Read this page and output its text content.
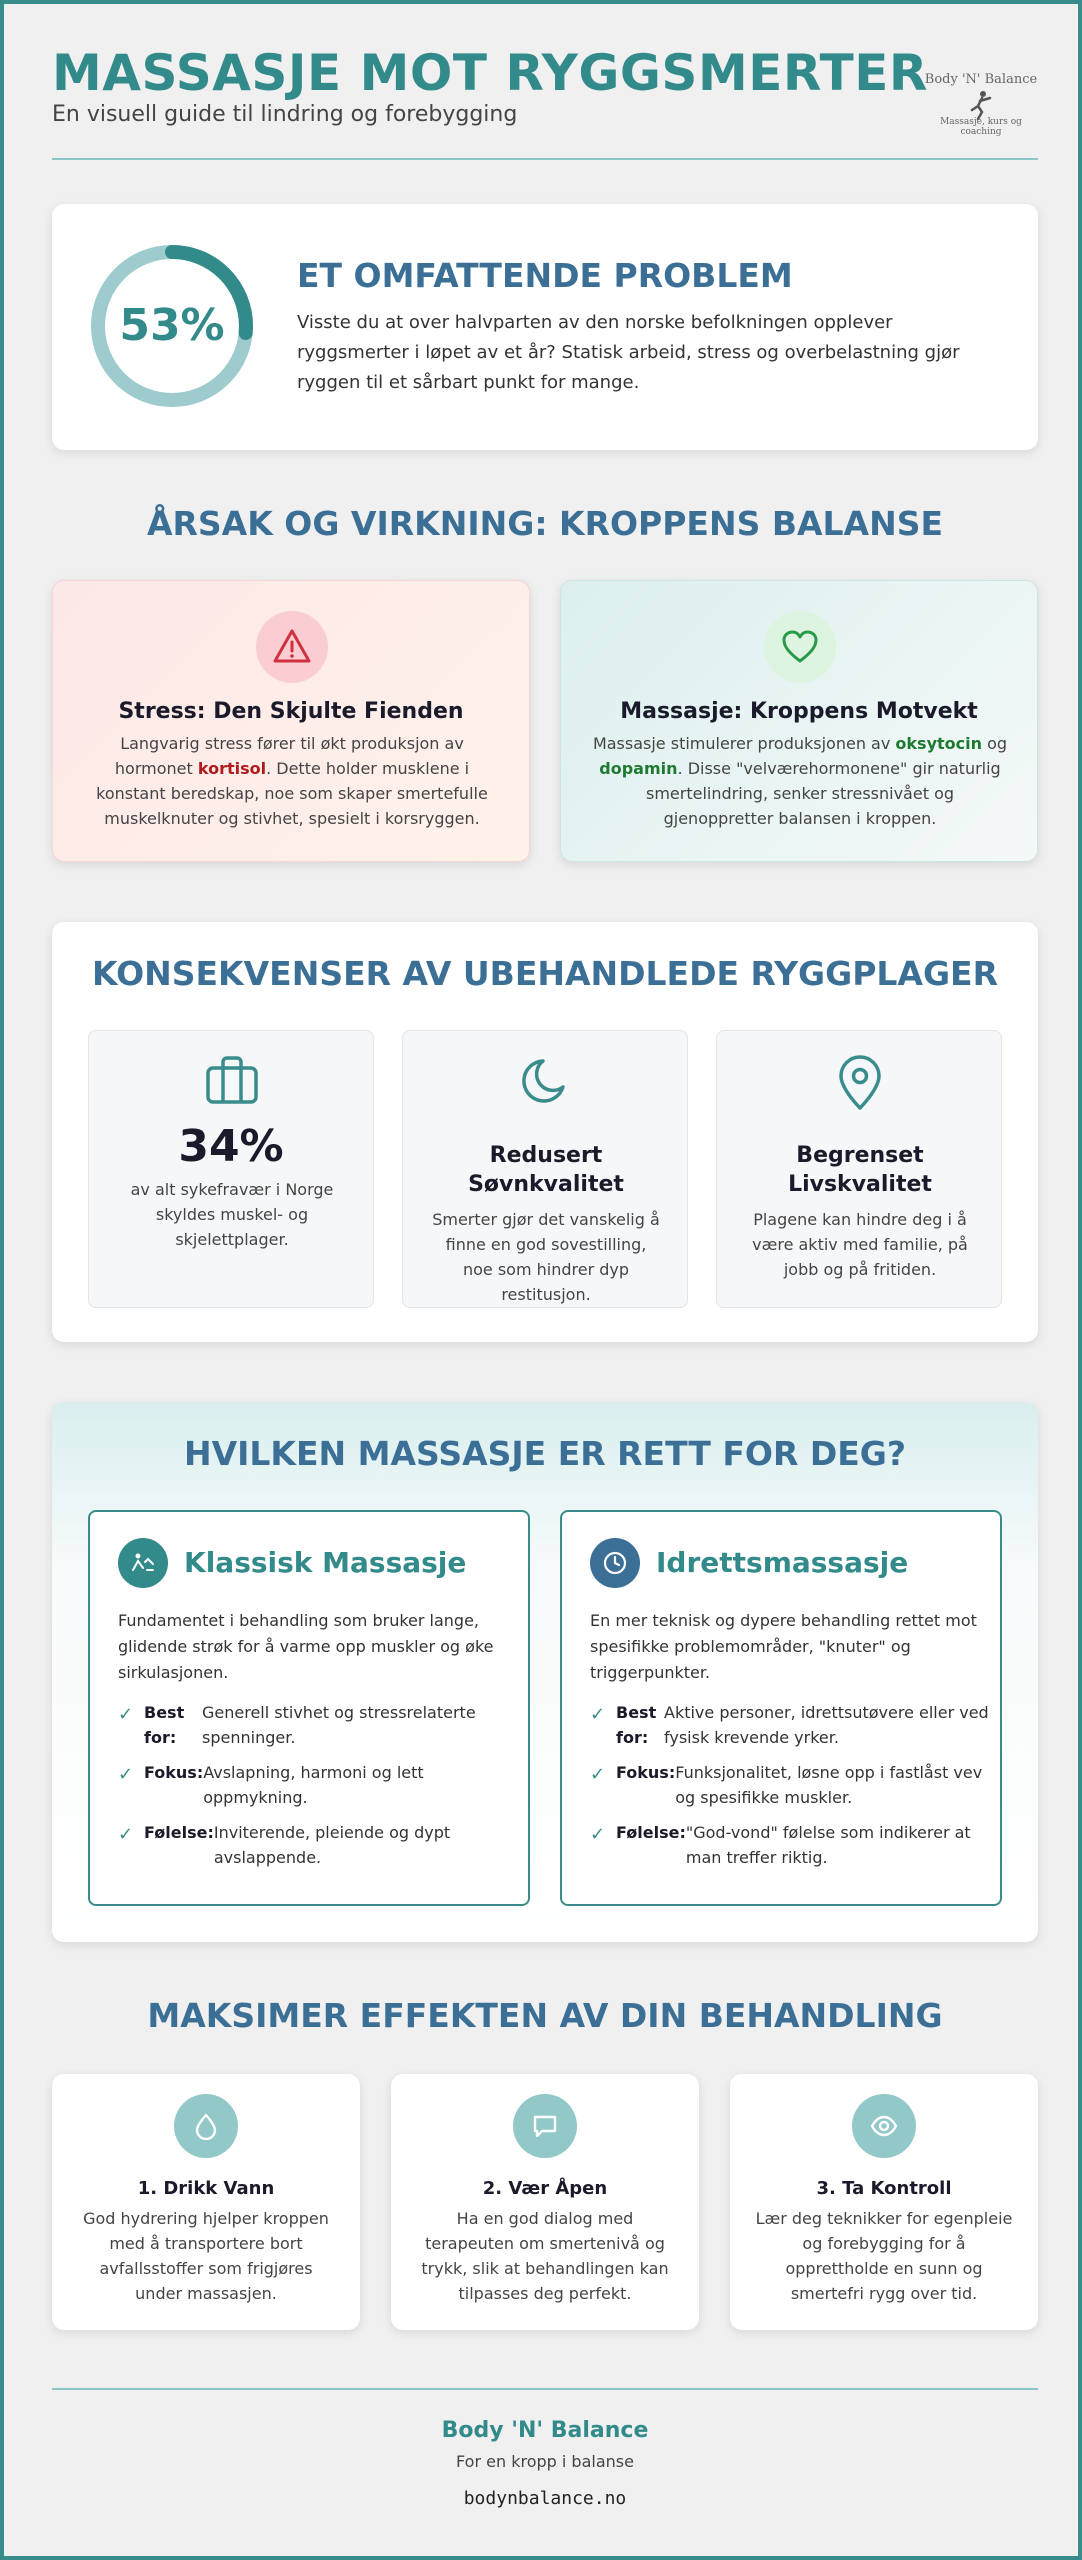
MASSASJE MOT RYGGSMERTER
En visuell guide til lindring og forebygging
Body 'N' Balance
Massasje, kurs og coaching
53%
ET OMFATTENDE PROBLEM
Visste du at over halvparten av den norske befolkningen opplever ryggsmerter i løpet av et år? Statisk arbeid, stress og overbelastning gjør ryggen til et sårbart punkt for mange.
ÅRSAK OG VIRKNING: KROPPENS BALANSE
Stress: Den Skjulte Fienden
Langvarig stress fører til økt produksjon av hormonet kortisol. Dette holder musklene i konstant beredskap, noe som skaper smertefulle muskelknuter og stivhet, spesielt i korsryggen.
Massasje: Kroppens Motvekt
Massasje stimulerer produksjonen av oksytocin og dopamin. Disse "velværehormonene" gir naturlig smertelindring, senker stressnivået og gjenoppretter balansen i kroppen.
KONSEKVENSER AV UBEHANDLEDE RYGGPLAGER
34%
av alt sykefravær i Norge skyldes muskel- og skjelettplager.
Redusert Søvnkvalitet
Smerter gjør det vanskelig å finne en god sovestilling, noe som hindrer dyp restitusjon.
Begrenset Livskvalitet
Plagene kan hindre deg i å være aktiv med familie, på jobb og på fritiden.
HVILKEN MASSASJE ER RETT FOR DEG?
Klassisk Massasje
Fundamentet i behandling som bruker lange, glidende strøk for å varme opp muskler og øke sirkulasjonen.
✓ Best for:
Generell stivhet og stressrelaterte spenninger.
✓ Fokus: Avslapning, harmoni og lett oppmykning.
✓ Følelse: Inviterende, pleiende og dypt avslappende.
Idrettsmassasje
En mer teknisk og dypere behandling rettet mot spesifikke problemområder, "knuter" og triggerpunkter.
✓ Best for:
Aktive personer, idrettsutøvere eller ved fysisk krevende yrker.
✓ Fokus: Funksjonalitet, løsne opp i fastlåst vev og spesifikke muskler.
✓ Følelse: "God-vond" følelse som indikerer at man treffer riktig.
MAKSIMER EFFEKTEN AV DIN BEHANDLING
1. Drikk Vann
God hydrering hjelper kroppen med å transportere bort avfallsstoffer som frigjøres under massasjen.
2. Vær Åpen
Ha en god dialog med terapeuten om smertenivå og trykk, slik at behandlingen kan tilpasses deg perfekt.
3. Ta Kontroll
Lær deg teknikker for egenpleie og forebygging for å opprettholde en sunn og smertefri rygg over tid.
Body 'N' Balance
For en kropp i balanse
bodynbalance.no
